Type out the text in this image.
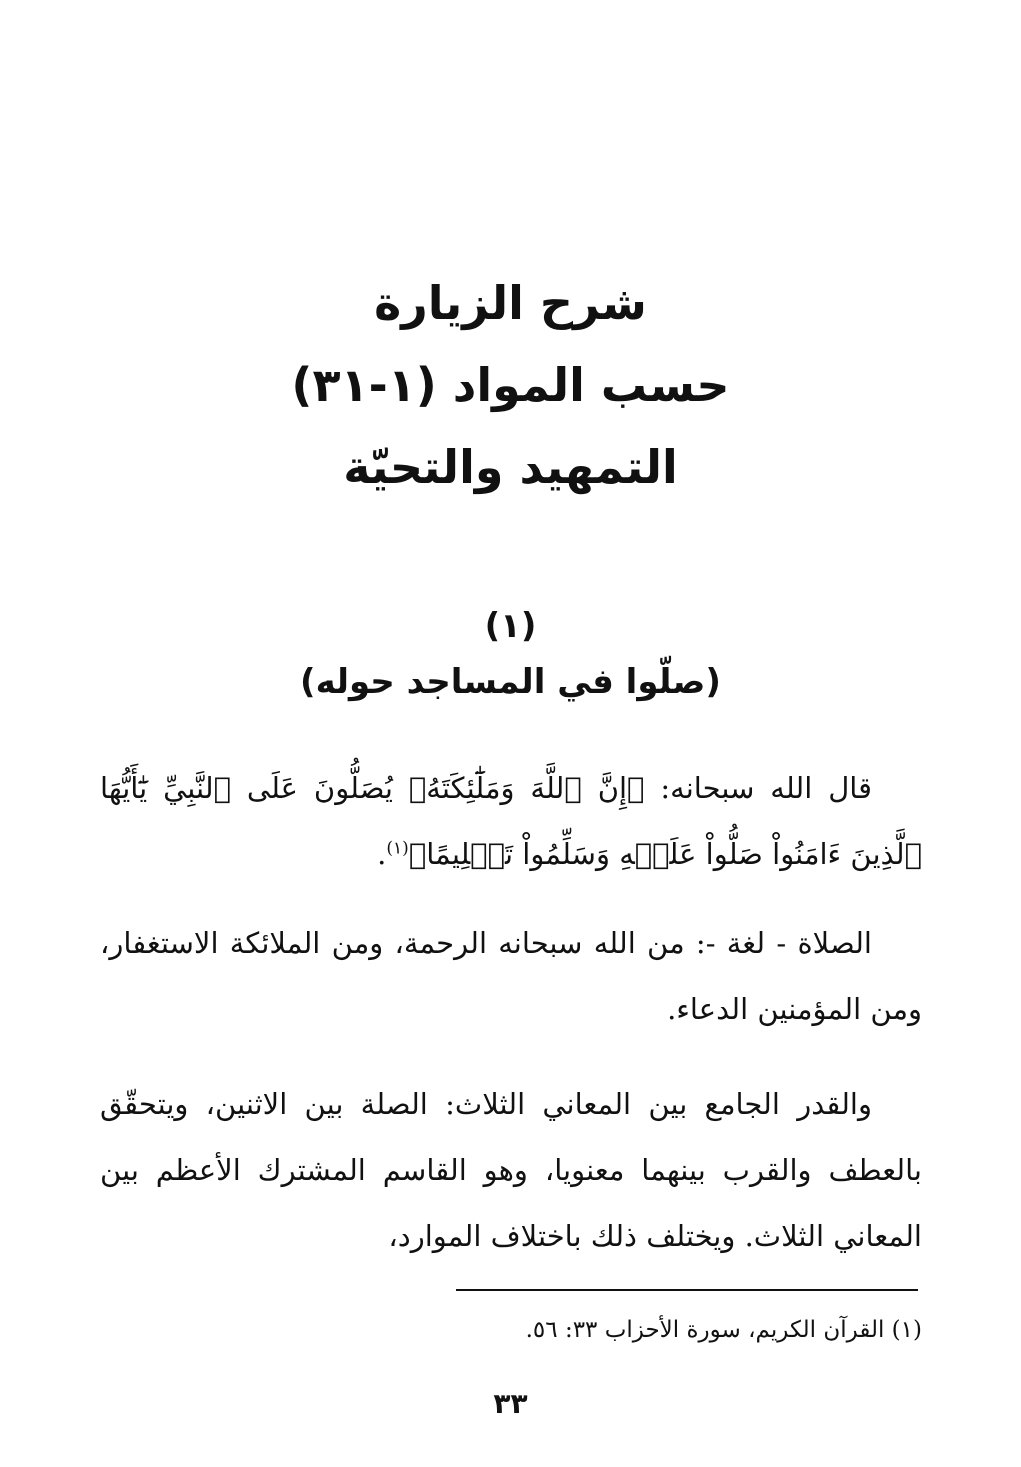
شرح الزيارة

حسب المواد (١-٣١)

التمهيد والتحيّة

(١)

(صلّوا في المساجد حوله)

قال الله سبحانه: ﴿إِنَّ ٱللَّهَ وَمَلَٰٓئِكَتَهُۥ يُصَلُّونَ عَلَى ٱلنَّبِيِّ يَٰٓأَيُّهَا ٱلَّذِينَ ءَامَنُواْ صَلُّواْ عَلَيۡهِ وَسَلِّمُواْ تَسۡلِيمًا﴾$^{(١)}$.

الصلاة - لغة -: من الله سبحانه الرحمة، ومن الملائكة الاستغفار، ومن المؤمنين الدعاء.

والقدر الجامع بين المعاني الثلاث: الصلة بين الاثنين، ويتحقّق بالعطف والقرب بينهما معنويا، وهو القاسم المشترك الأعظم بين المعاني الثلاث. ويختلف ذلك باختلاف الموارد،

(١) القرآن الكريم، سورة الأحزاب ٣٣: ٥٦.

٣٣
